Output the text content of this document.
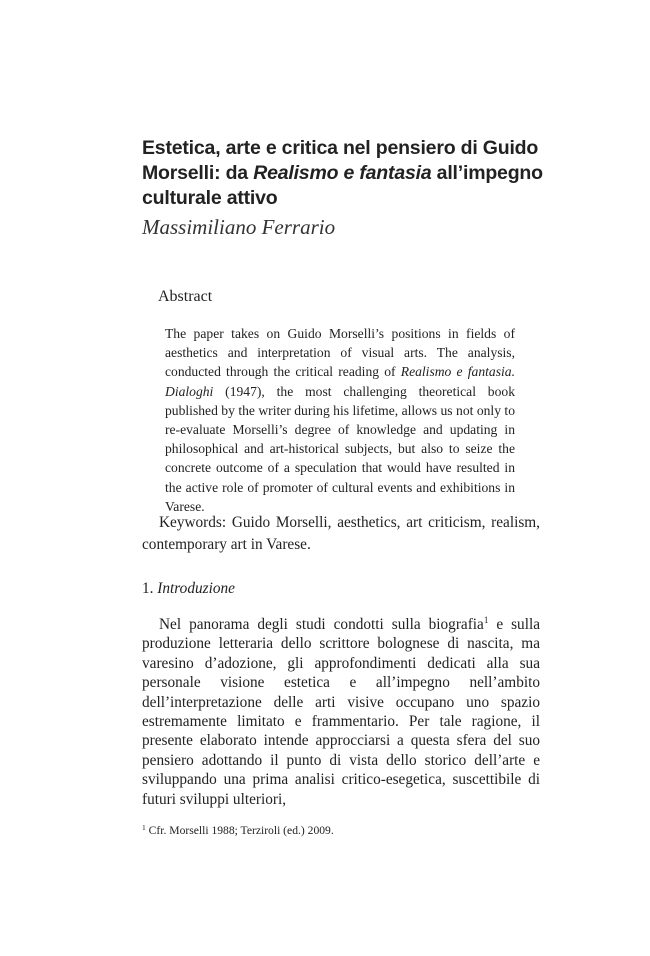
Estetica, arte e critica nel pensiero di Guido Morselli: da Realismo e fantasia all’impegno culturale attivo
Massimiliano Ferrario
Abstract
The paper takes on Guido Morselli’s positions in fields of aesthetics and interpretation of visual arts. The analysis, conducted through the critical reading of Realismo e fantasia. Dialoghi (1947), the most challenging theoretical book published by the writer during his lifetime, allows us not only to re-evaluate Morselli’s degree of knowledge and updating in philosophical and art-historical subjects, but also to seize the concrete outcome of a speculation that would have resulted in the active role of promoter of cultural events and exhibitions in Varese.
Keywords: Guido Morselli, aesthetics, art criticism, realism, contemporary art in Varese.
1. Introduzione
Nel panorama degli studi condotti sulla biografia$^1$ e sulla produzione letteraria dello scrittore bolognese di nascita, ma varesino d’adozione, gli approfondimenti dedicati alla sua personale visione estetica e all’impegno nell’ambito dell’interpretazione delle arti visive occupano uno spazio estremamente limitato e frammentario. Per tale ragione, il presente elaborato intende approcciarsi a questa sfera del suo pensiero adottando il punto di vista dello storico dell’arte e sviluppando una prima analisi critico-esegetica, suscettibile di futuri sviluppi ulteriori,
$^1$ Cfr. Morselli 1988; Terziroli (ed.) 2009.
